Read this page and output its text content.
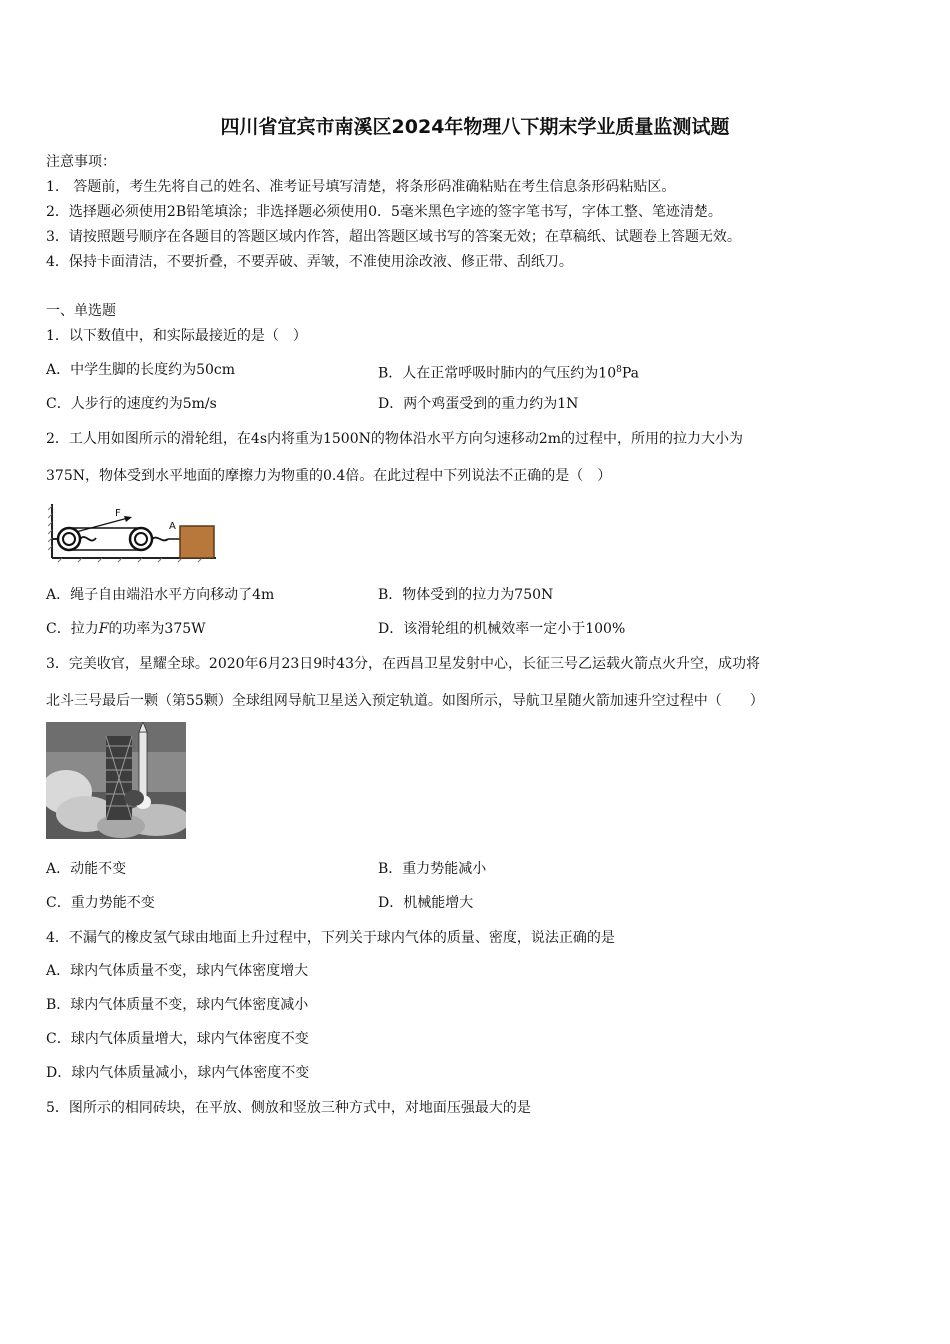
四川省宜宾市南溪区2024年物理八下期末学业质量监测试题
注意事项：
1.　答题前，考生先将自己的姓名、准考证号填写清楚，将条形码准确粘贴在考生信息条形码粘贴区。
2．选择题必须使用2B铅笔填涂；非选择题必须使用0．5毫米黑色字迹的签字笔书写，字体工整、笔迹清楚。
3．请按照题号顺序在各题目的答题区域内作答，超出答题区域书写的答案无效；在草稿纸、试题卷上答题无效。
4．保持卡面清洁，不要折叠，不要弄破、弄皱，不准使用涂改液、修正带、刮纸刀。
一、单选题
1．以下数值中，和实际最接近的是（　）
A．中学生脚的长度约为50cm	B．人在正常呼吸时肺内的气压约为$10^8Pa$
C．人步行的速度约为5m/s	D．两个鸡蛋受到的重力约为1N
2．工人用如图所示的滑轮组，在4s内将重为1500N的物体沿水平方向匀速移动2m的过程中，所用的拉力大小为
375N，物体受到水平地面的摩擦力为物重的0.4倍。在此过程中下列说法不正确的是（　）
F
A
A．绳子自由端沿水平方向移动了4m	B．物体受到的拉力为750N
C．拉力F的功率为375W	D．该滑轮组的机械效率一定小于100%
3．完美收官，星耀全球。2020年6月23日9时43分，在西昌卫星发射中心，长征三号乙运载火箭点火升空，成功将
北斗三号最后一颗（第55颗）全球组网导航卫星送入预定轨道。如图所示，导航卫星随火箭加速升空过程中（　　）
A．动能不变	B．重力势能减小
C．重力势能不变	D．机械能增大
4．不漏气的橡皮氢气球由地面上升过程中，下列关于球内气体的质量、密度，说法正确的是
A．球内气体质量不变，球内气体密度增大
B．球内气体质量不变，球内气体密度减小
C．球内气体质量增大，球内气体密度不变
D．球内气体质量减小，球内气体密度不变
5．图所示的相同砖块，在平放、侧放和竖放三种方式中，对地面压强最大的是
